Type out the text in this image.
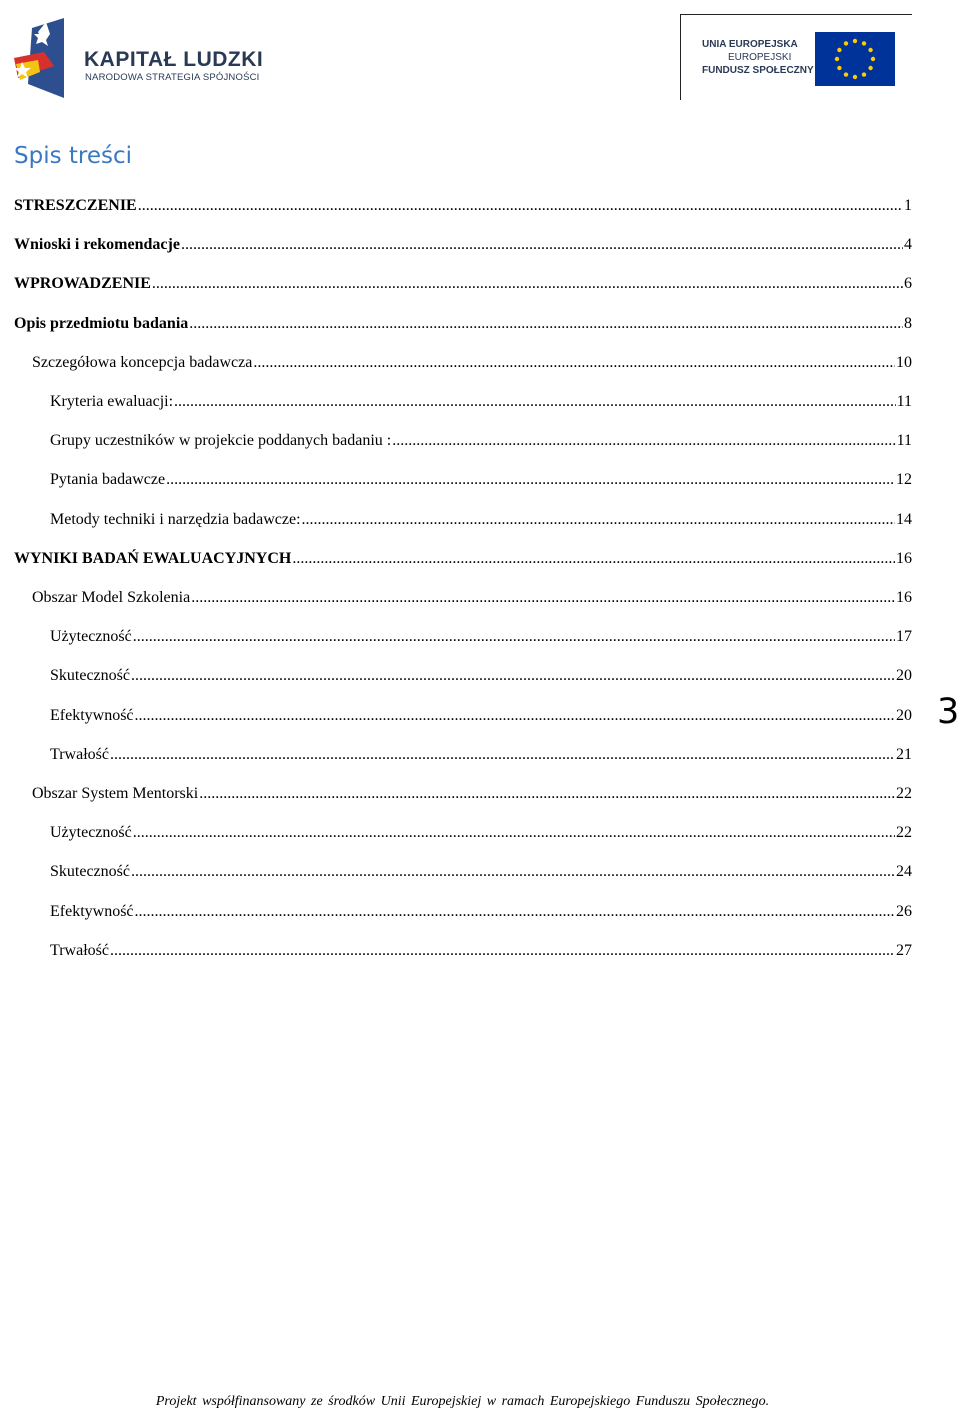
KAPITAŁ LUDZKI
NARODOWA STRATEGIA SPÓJNOŚCI
UNIA EUROPEJSKA
EUROPEJSKI
FUNDUSZ SPOŁECZNY
Spis treści
STRESZCZENIE .....	1
Wnioski i rekomendacje .....	4
WPROWADZENIE .....	6
Opis przedmiotu badania .....	8
Szczegółowa koncepcja badawcza .....	10
Kryteria ewaluacji: .....	11
Grupy uczestników w projekcie poddanych badaniu : .....	11
Pytania badawcze .....	12
Metody techniki i narzędzia badawcze: .....	14
WYNIKI BADAŃ EWALUACYJNYCH .....	16
Obszar Model Szkolenia .....	16
Użyteczność .....	17
Skuteczność .....	20
Efektywność .....	20
Trwałość .....	21
Obszar System Mentorski .....	22
Użyteczność .....	22
Skuteczność .....	24
Efektywność .....	26
Trwałość .....	27
3
Projekt współfinansowany ze środków Unii Europejskiej w ramach Europejskiego Funduszu Społecznego.
